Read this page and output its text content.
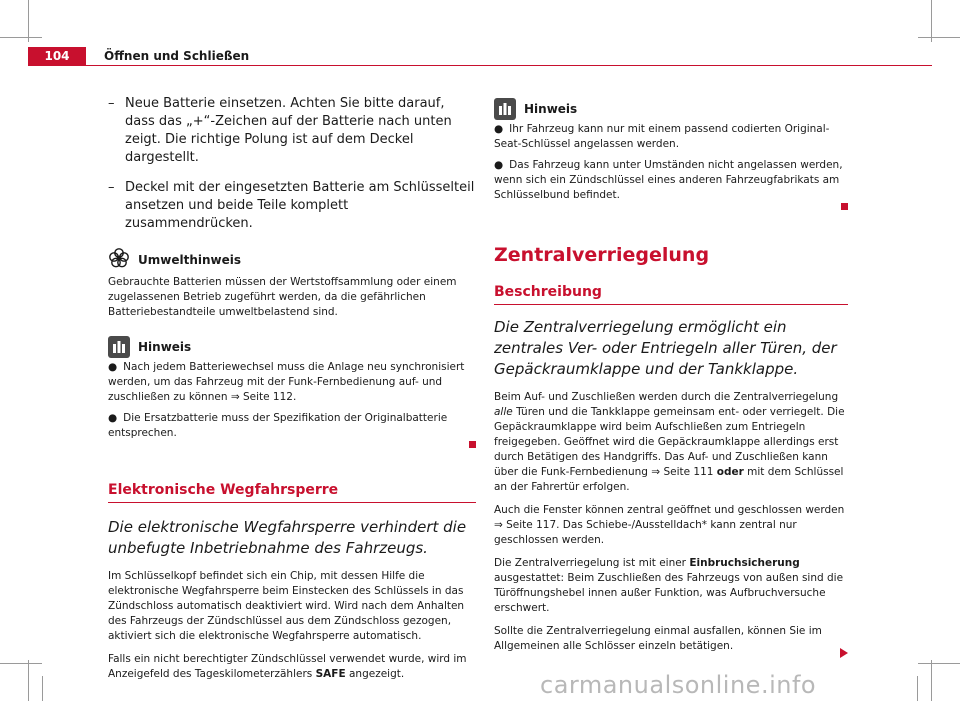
104	Öffnen und Schließen
– Neue Batterie einsetzen. Achten Sie bitte darauf, dass das „+“-Zeichen auf der Batterie nach unten zeigt. Die richtige Polung ist auf dem Deckel dargestellt.
– Deckel mit der eingesetzten Batterie am Schlüsselteil ansetzen und beide Teile komplett zusammendrücken.
Umwelthinweis

Gebrauchte Batterien müssen der Wertstoffsammlung oder einem zugelassenen Betrieb zugeführt werden, da die gefährlichen Batteriebestandteile umweltbelastend sind.

Hinweis

● Nach jedem Batteriewechsel muss die Anlage neu synchronisiert werden, um das Fahrzeug mit der Funk-Fernbedienung auf- und zuschließen zu können ⇒ Seite 112.

● Die Ersatzbatterie muss der Spezifikation der Originalbatterie entsprechen.

Elektronische Wegfahrsperre

Die elektronische Wegfahrsperre verhindert die unbefugte Inbetriebnahme des Fahrzeugs.

Im Schlüsselkopf befindet sich ein Chip, mit dessen Hilfe die elektronische Wegfahrsperre beim Einstecken des Schlüssels in das Zündschloss automatisch deaktiviert wird. Wird nach dem Anhalten des Fahrzeugs der Zündschlüssel aus dem Zündschloss gezogen, aktiviert sich die elektronische Wegfahrsperre automatisch.

Falls ein nicht berechtigter Zündschlüssel verwendet wurde, wird im Anzeigefeld des Tageskilometerzählers SAFE angezeigt.

Hinweis

● Ihr Fahrzeug kann nur mit einem passend codierten Original-Seat-Schlüssel angelassen werden.

● Das Fahrzeug kann unter Umständen nicht angelassen werden, wenn sich ein Zündschlüssel eines anderen Fahrzeugfabrikats am Schlüsselbund befindet.

Zentralverriegelung
Beschreibung

Die Zentralverriegelung ermöglicht ein zentrales Ver- oder Entriegeln aller Türen, der Gepäckraumklappe und der Tankklappe.

Beim Auf- und Zuschließen werden durch die Zentralverriegelung alle Türen und die Tankklappe gemeinsam ent- oder verriegelt. Die Gepäckraumklappe wird beim Aufschließen zum Entriegeln freigegeben. Geöffnet wird die Gepäckraumklappe allerdings erst durch Betätigen des Handgriffs. Das Auf- und Zuschließen kann über die Funk-Fernbedienung ⇒ Seite 111 oder mit dem Schlüssel an der Fahrertür erfolgen.

Auch die Fenster können zentral geöffnet und geschlossen werden ⇒ Seite 117. Das Schiebe-/Ausstelldach* kann zentral nur geschlossen werden.

Die Zentralverriegelung ist mit einer Einbruchsicherung ausgestattet: Beim Zuschließen des Fahrzeugs von außen sind die Türöffnungshebel innen außer Funktion, was Aufbruchversuche erschwert.

Sollte die Zentralverriegelung einmal ausfallen, können Sie im Allgemeinen alle Schlösser einzeln betätigen.

carmanualsonline.info
